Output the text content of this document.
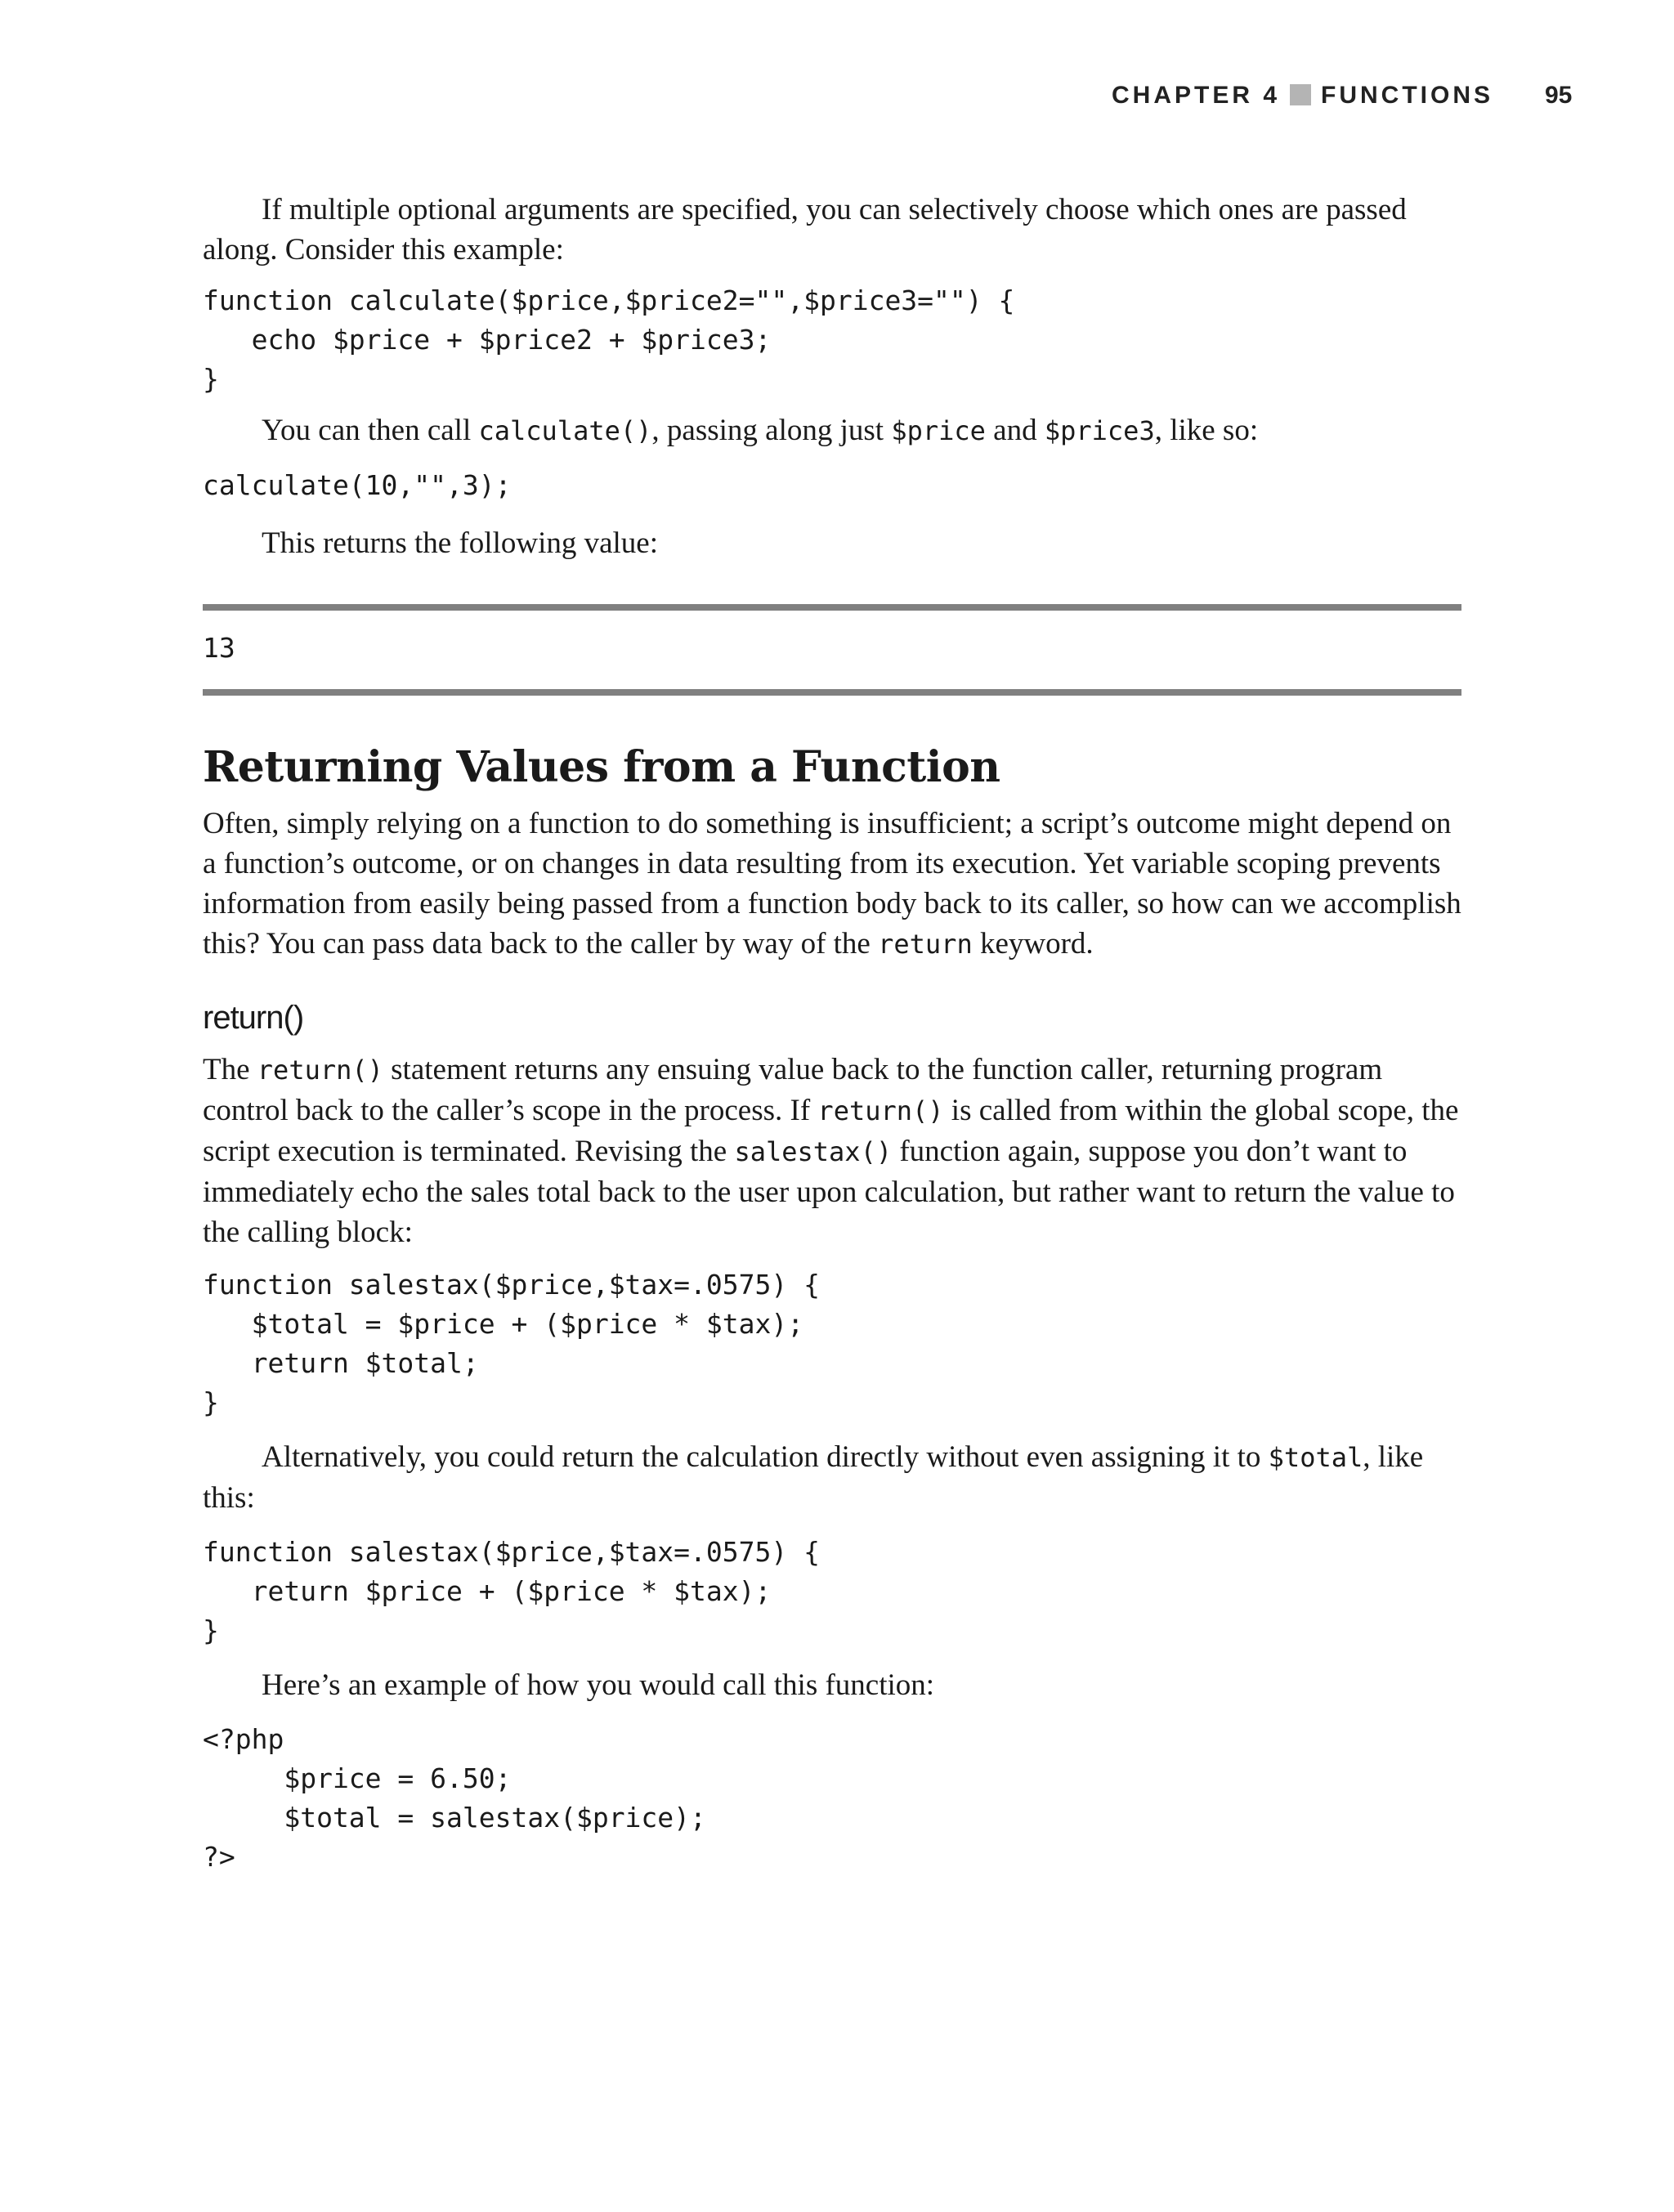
CHAPTER 4 FUNCTIONS 95

If multiple optional arguments are specified, you can selectively choose which ones are passed along. Consider this example:

function calculate($price,$price2="",$price3="") {
echo $price + $price2 + $price3;
}

You can then call calculate(), passing along just $price and $price3, like so:

calculate(10,"",3);

This returns the following value:

13
Returning Values from a Function

Often, simply relying on a function to do something is insufficient; a script’s outcome might depend on a function’s outcome, or on changes in data resulting from its execution. Yet variable scoping prevents information from easily being passed from a function body back to its caller, so how can we accomplish this? You can pass data back to the caller by way of the return keyword.

return()

The return() statement returns any ensuing value back to the function caller, returning program control back to the caller’s scope in the process. If return() is called from within the global scope, the script execution is terminated. Revising the salestax() function again, suppose you don’t want to immediately echo the sales total back to the user upon calculation, but rather want to return the value to the calling block:

function salestax($price,$tax=.0575) {
$total = $price + ($price * $tax);
return $total;
}

Alternatively, you could return the calculation directly without even assigning it to $total, like this:

function salestax($price,$tax=.0575) {
return $price + ($price * $tax);
}

Here’s an example of how you would call this function:

<?php
$price = 6.50;
$total = salestax($price);
?>
